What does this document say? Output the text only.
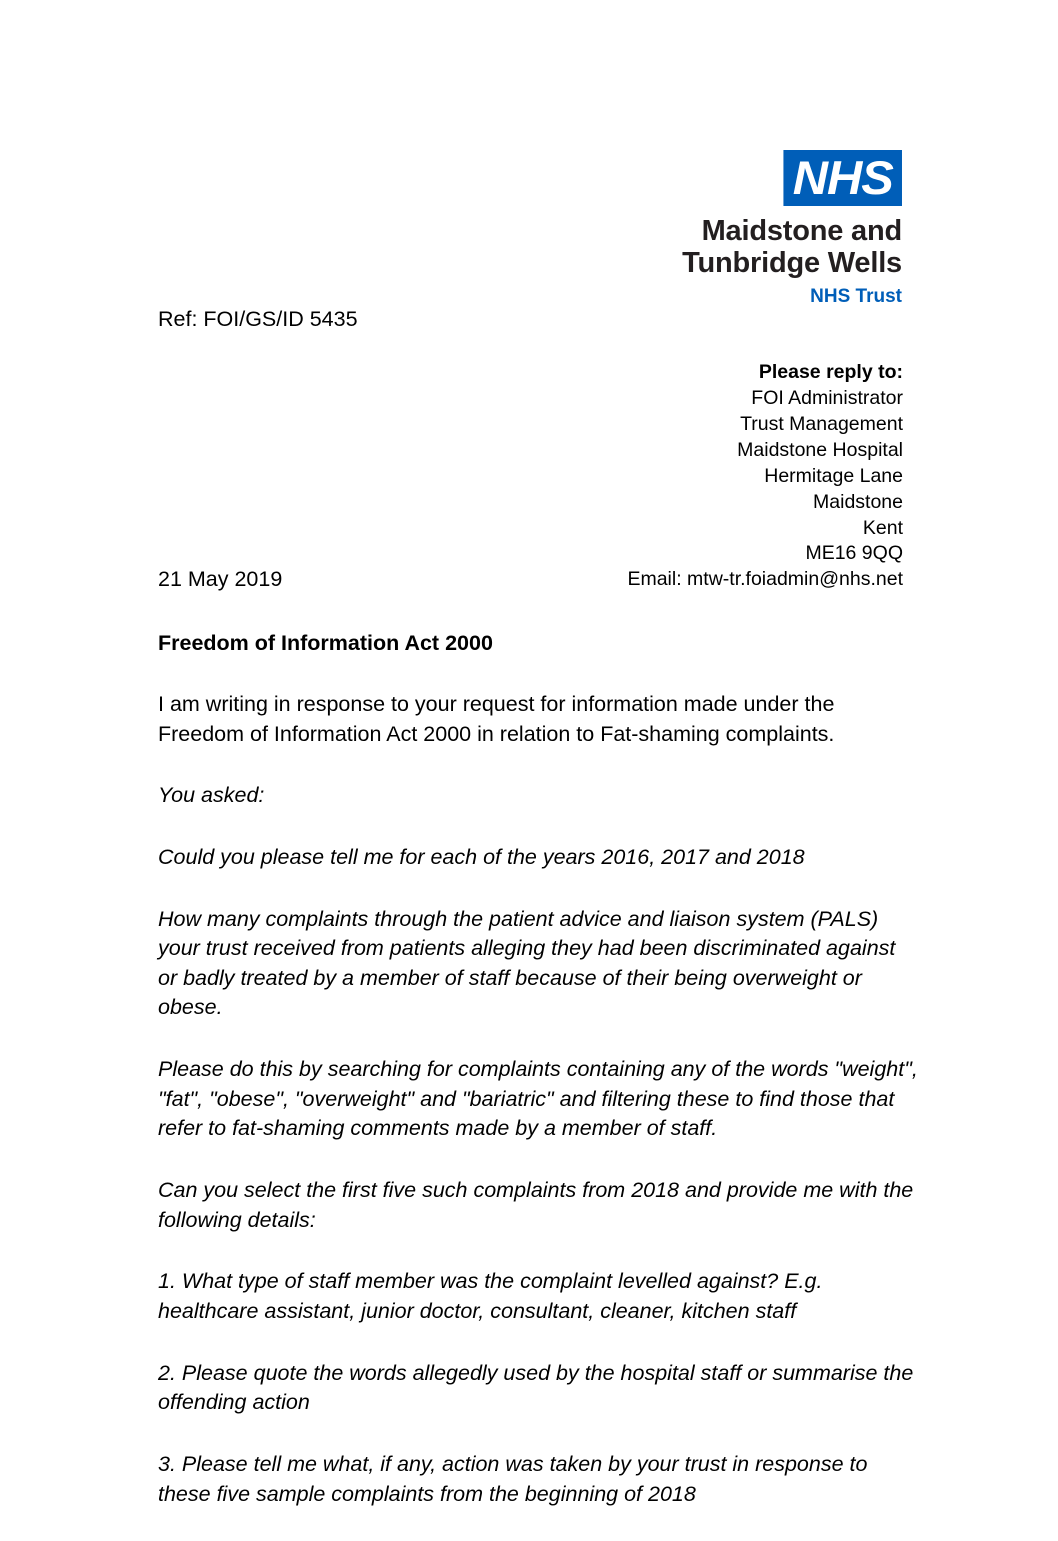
NHS
Maidstone and
Tunbridge Wells
NHS Trust
Ref: FOI/GS/ID 5435
Please reply to:
FOI Administrator
Trust Management
Maidstone Hospital
Hermitage Lane
Maidstone
Kent
ME16 9QQ
Email: mtw-tr.foiadmin@nhs.net

21 May 2019

Freedom of Information Act 2000

I am writing in response to your request for information made under the Freedom of Information Act 2000 in relation to Fat-shaming complaints.

You asked:

Could you please tell me for each of the years 2016, 2017 and 2018

How many complaints through the patient advice and liaison system (PALS) your trust received from patients alleging they had been discriminated against or badly treated by a member of staff because of their being overweight or obese.

Please do this by searching for complaints containing any of the words "weight", "fat", "obese", "overweight" and "bariatric" and filtering these to find those that refer to fat-shaming comments made by a member of staff.

Can you select the first five such complaints from 2018 and provide me with the following details:

1. What type of staff member was the complaint levelled against? E.g. healthcare assistant, junior doctor, consultant, cleaner, kitchen staff

2. Please quote the words allegedly used by the hospital staff or summarise the offending action

3. Please tell me what, if any, action was taken by your trust in response to these five sample complaints from the beginning of 2018
